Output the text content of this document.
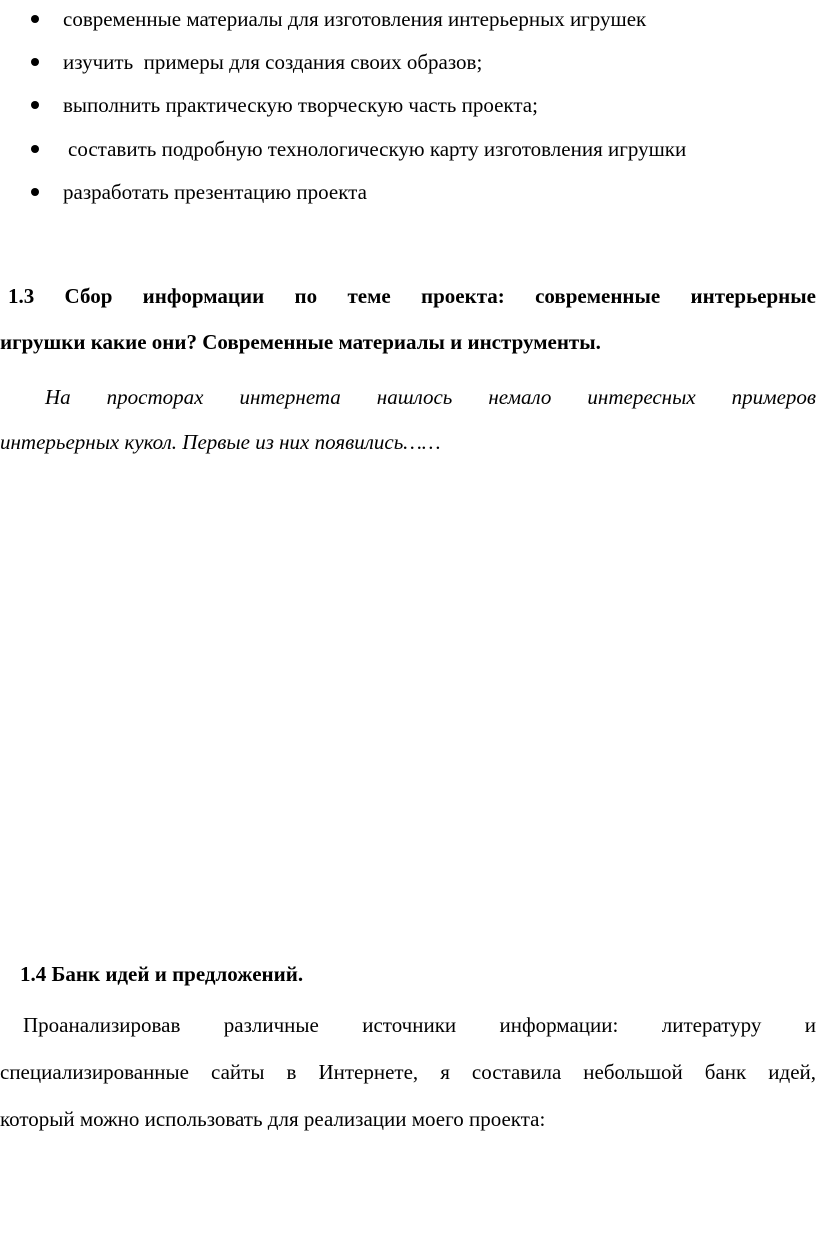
современные материалы для изготовления интерьерных игрушек
изучить  примеры для создания своих образов;
выполнить практическую творческую часть проекта;
составить подробную технологическую карту изготовления игрушки
разработать презентацию проекта
1.3 Сбор информации по теме проекта: современные интерьерные
игрушки какие они? Современные материалы и инструменты.

На просторах интернета нашлось немало интересных примеров
интерьерных кукол. Первые из них появились……

1.4 Банк идей и предложений.

Проанализировав различные источники информации: литературу и
специализированные сайты в Интернете, я составила небольшой банк идей,
который можно использовать для реализации моего проекта:
